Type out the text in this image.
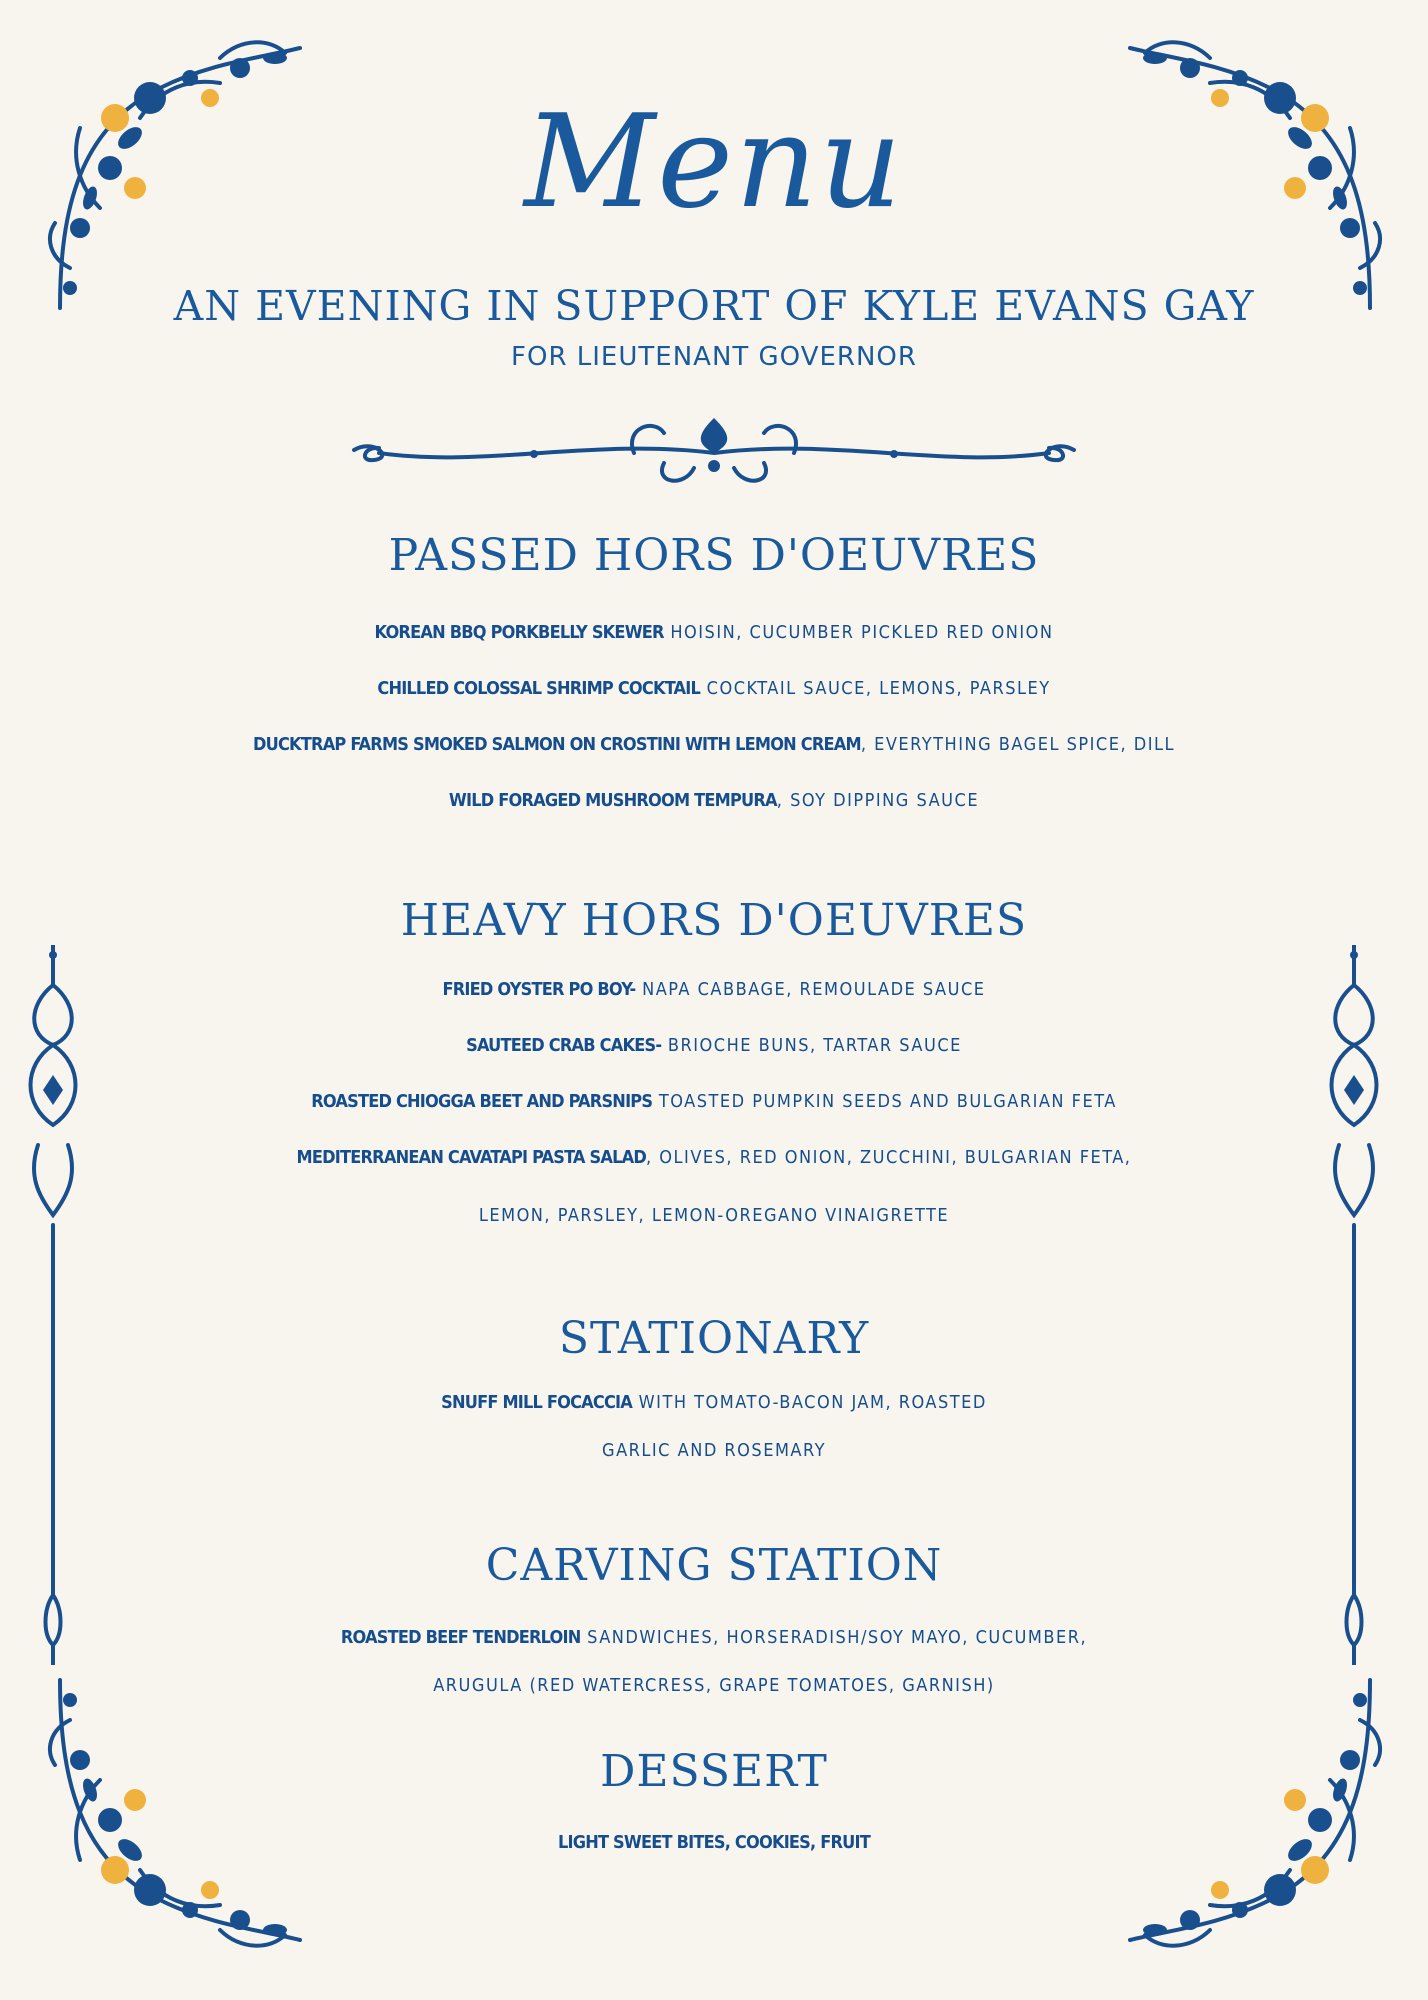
Menu
AN EVENING IN SUPPORT OF KYLE EVANS GAY
FOR LIEUTENANT GOVERNOR
PASSED HORS D'OEUVRES
KOREAN BBQ PORKBELLY SKEWER HOISIN, CUCUMBER PICKLED RED ONION
CHILLED COLOSSAL SHRIMP COCKTAIL COCKTAIL SAUCE, LEMONS, PARSLEY
DUCKTRAP FARMS SMOKED SALMON ON CROSTINI WITH LEMON CREAM, EVERYTHING BAGEL SPICE, DILL
WILD FORAGED MUSHROOM TEMPURA, SOY DIPPING SAUCE
HEAVY HORS D'OEUVRES
FRIED OYSTER PO BOY- NAPA CABBAGE, REMOULADE SAUCE
SAUTEED CRAB CAKES- BRIOCHE BUNS, TARTAR SAUCE
ROASTED CHIOGGA BEET AND PARSNIPS TOASTED PUMPKIN SEEDS AND BULGARIAN FETA
MEDITERRANEAN CAVATAPI PASTA SALAD, OLIVES, RED ONION, ZUCCHINI, BULGARIAN FETA,
LEMON, PARSLEY, LEMON-OREGANO VINAIGRETTE
STATIONARY
SNUFF MILL FOCACCIA WITH TOMATO-BACON JAM, ROASTED
GARLIC AND ROSEMARY
CARVING STATION
ROASTED BEEF TENDERLOIN SANDWICHES, HORSERADISH/SOY MAYO, CUCUMBER,
ARUGULA (RED WATERCRESS, GRAPE TOMATOES, GARNISH)
DESSERT
LIGHT SWEET BITES, COOKIES, FRUIT
